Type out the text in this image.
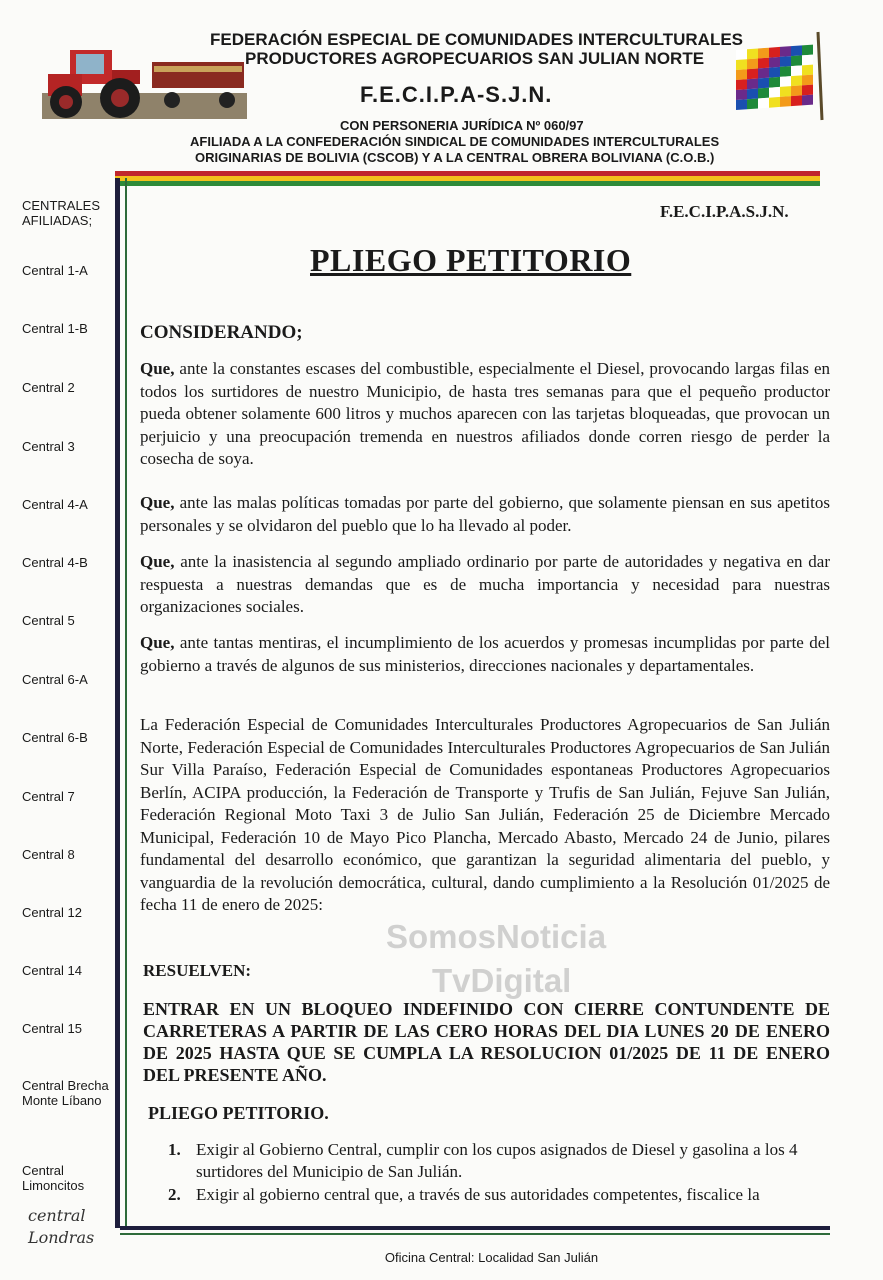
FEDERACIÓN ESPECIAL DE COMUNIDADES INTERCULTURALES
PRODUCTORES AGROPECUARIOS SAN JULIAN NORTE
F.E.C.I.P.A-S.J.N.
CON PERSONERIA JURÍDICA Nº 060/97
AFILIADA A LA CONFEDERACIÓN SINDICAL DE COMUNIDADES INTERCULTURALES
ORIGINARIAS DE BOLIVIA (CSCOB) Y A LA CENTRAL OBRERA BOLIVIANA (C.O.B.)
CENTRALES AFILIADAS;
Central 1-A
Central 1-B
Central 2
Central 3
Central 4-A
Central 4-B
Central 5
Central 6-A
Central 6-B
Central 7
Central 8
Central 12
Central 14
Central 15
Central Brecha Monte Líbano
Central Limoncitos
central Londras
F.E.C.I.P.A.S.J.N.
PLIEGO PETITORIO
CONSIDERANDO;
Que, ante la constantes escases del combustible, especialmente el Diesel, provocando largas filas en todos los surtidores de nuestro Municipio, de hasta tres semanas para que el pequeño productor pueda obtener solamente 600 litros y muchos aparecen con las tarjetas bloqueadas, que provocan un perjuicio y una preocupación tremenda en nuestros afiliados donde corren riesgo de perder la cosecha de soya.
Que, ante las malas políticas tomadas por parte del gobierno, que solamente piensan en sus apetitos personales y se olvidaron del pueblo que lo ha llevado al poder.
Que, ante la inasistencia al segundo ampliado ordinario por parte de autoridades y negativa en dar respuesta a nuestras demandas que es de mucha importancia y necesidad para nuestras organizaciones sociales.
Que, ante tantas mentiras, el incumplimiento de los acuerdos y promesas incumplidas por parte del gobierno a través de algunos de sus ministerios, direcciones nacionales y departamentales.
La Federación Especial de Comunidades Interculturales Productores Agropecuarios de San Julián Norte, Federación Especial de Comunidades Interculturales Productores Agropecuarios de San Julián Sur Villa Paraíso, Federación Especial de Comunidades espontaneas Productores Agropecuarios Berlín, ACIPA producción, la Federación de Transporte y Trufis de San Julián, Fejuve San Julián, Federación Regional Moto Taxi 3 de Julio San Julián, Federación 25 de Diciembre Mercado Municipal, Federación 10 de Mayo Pico Plancha, Mercado Abasto, Mercado 24 de Junio, pilares fundamental del desarrollo económico, que garantizan la seguridad alimentaria del pueblo, y vanguardia de la revolución democrática, cultural, dando cumplimiento a la Resolución 01/2025 de fecha 11 de enero de 2025:
RESUELVEN:
ENTRAR EN UN BLOQUEO INDEFINIDO CON CIERRE CONTUNDENTE DE CARRETERAS A PARTIR DE LAS CERO HORAS DEL DIA LUNES 20 DE ENERO DE 2025 HASTA QUE SE CUMPLA LA RESOLUCION 01/2025 DE 11 DE ENERO DEL PRESENTE AÑO.
PLIEGO PETITORIO.
1. Exigir al Gobierno Central, cumplir con los cupos asignados de Diesel y gasolina a los 4 surtidores del Municipio de San Julián.
2. Exigir al gobierno central que, a través de sus autoridades competentes, fiscalice la
SomosNoticia
TvDigital
Oficina Central: Localidad San Julián
